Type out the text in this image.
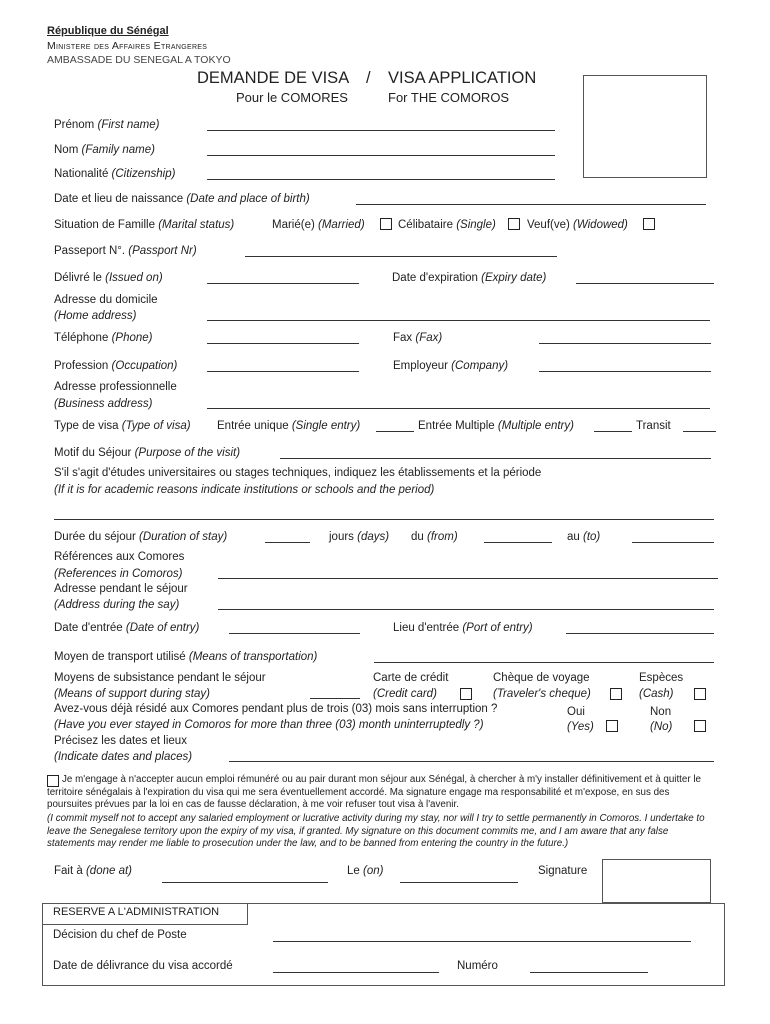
République du Sénégal
Ministere des Affaires Etrangeres
AMBASSADE DU SENEGAL A TOKYO
DEMANDE DE VISA / VISA APPLICATION
Pour le COMORES	For THE COMOROS
Prénom (First name)
Nom (Family name)
Nationalité (Citizenship)
Date et lieu de naissance (Date and place of birth)
Situation de Famille (Marital status)	Marié(e) (Married)	Célibataire (Single)	Veuf(ve) (Widowed)
Passeport N°. (Passport Nr)
Délivré le (Issued on)	Date d'expiration (Expiry date)
Adresse du domicile
(Home address)
Téléphone (Phone)	Fax (Fax)
Profession (Occupation)	Employeur (Company)
Adresse professionnelle
(Business address)
Type de visa (Type of visa) Entrée unique (Single entry)	Entrée Multiple (Multiple entry)	Transit
Motif du Séjour (Purpose of the visit)
S'il s'agit d'études universitaires ou stages techniques, indiquez les établissements et la période
(If it is for academic reasons indicate institutions or schools and the period)
Durée du séjour (Duration of stay)	jours (days) du (from)	au (to)
Références aux Comores
(References in Comoros)
Adresse pendant le séjour
(Address during the say)
Date d'entrée (Date of entry)	Lieu d'entrée (Port of entry)
Moyen de transport utilisé (Means of transportation)
Moyens de subsistance pendant le séjour
(Means of support during stay)
Carte de crédit
(Credit card)
Chèque de voyage
(Traveler's cheque)
Espèces
(Cash)
Avez-vous déjà résidé aux Comores pendant plus de trois (03) mois sans interruption ?
(Have you ever stayed in Comoros for more than three (03) month uninterruptedly ?)
Oui
(Yes)
Non
(No)
Précisez les dates et lieux
(Indicate dates and places)
Je m'engage à n'accepter aucun emploi rémunéré ou au pair durant mon séjour aux Sénégal, à chercher à m'y installer définitivement et à quitter le territoire sénégalais à l'expiration du visa qui me sera éventuellement accordé. Ma signature engage ma responsabilité et m'expose, en sus des poursuites prévues par la loi en cas de fausse déclaration, à me voir refuser tout visa à l'avenir.
(I commit myself not to accept any salaried employment or lucrative activity during my stay, nor will I try to settle permanently in Comoros. I undertake to leave the Senegalese territory upon the expiry of my visa, if granted. My signature on this document commits me, and I am aware that any false statements may render me liable to prosecution under the law, and to be banned from entering the country in the future.)
Fait à (done at)	Le (on)	Signature
RESERVE A L'ADMINISTRATION
Décision du chef de Poste
Date de délivrance du visa accordé	Numéro
